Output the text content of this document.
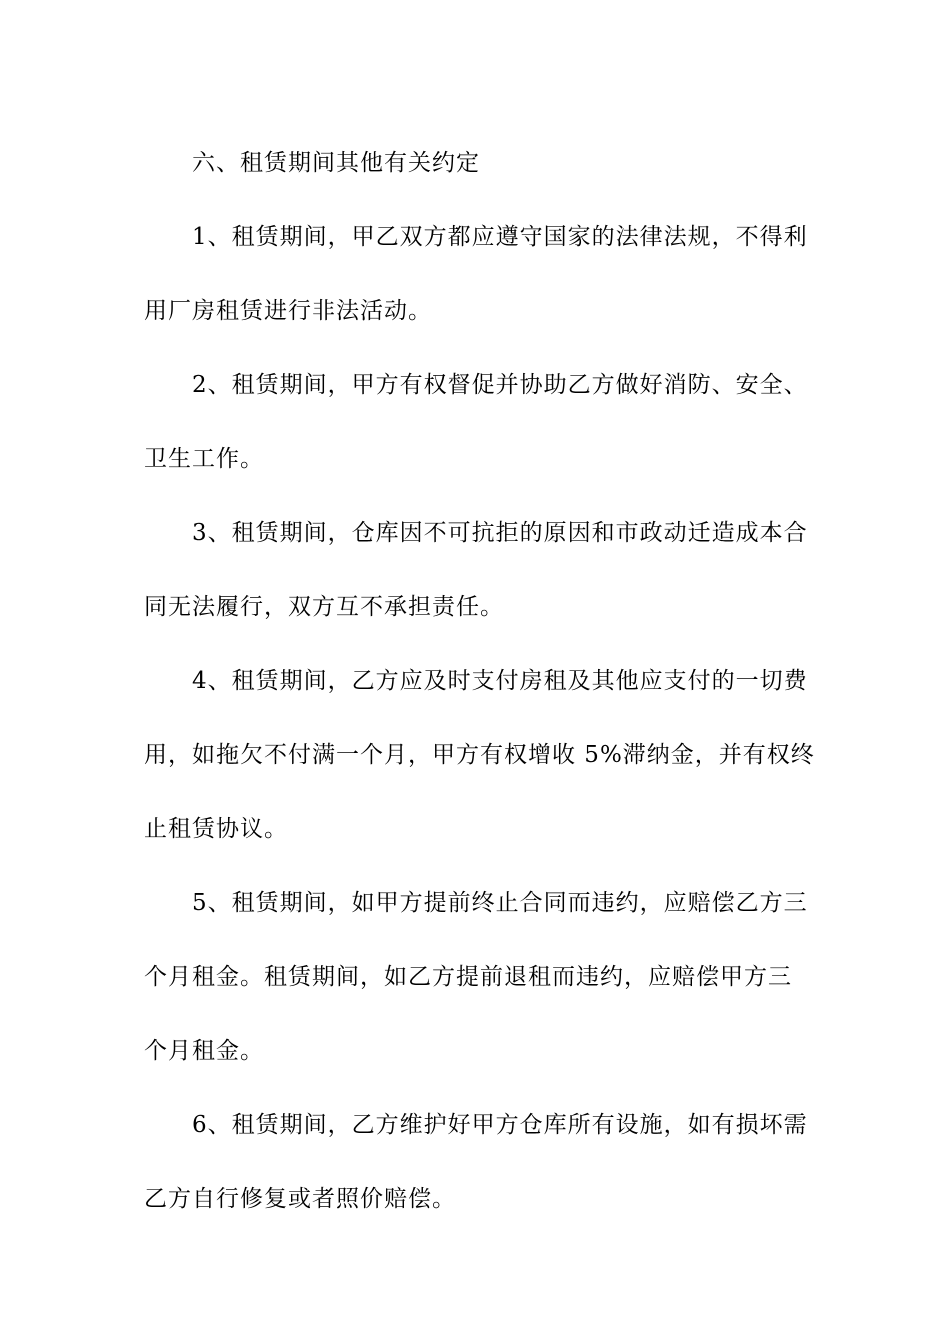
六、租赁期间其他有关约定

1、租赁期间，甲乙双方都应遵守国家的法律法规，不得利
用厂房租赁进行非法活动。

2、租赁期间，甲方有权督促并协助乙方做好消防、安全、
卫生工作。

3、租赁期间，仓库因不可抗拒的原因和市政动迁造成本合
同无法履行，双方互不承担责任。

4、租赁期间，乙方应及时支付房租及其他应支付的一切费
用，如拖欠不付满一个月，甲方有权增收 5%滞纳金，并有权终
止租赁协议。

5、租赁期间，如甲方提前终止合同而违约，应赔偿乙方三
个月租金。租赁期间，如乙方提前退租而违约，应赔偿甲方三
个月租金。

6、租赁期间，乙方维护好甲方仓库所有设施，如有损坏需
乙方自行修复或者照价赔偿。
